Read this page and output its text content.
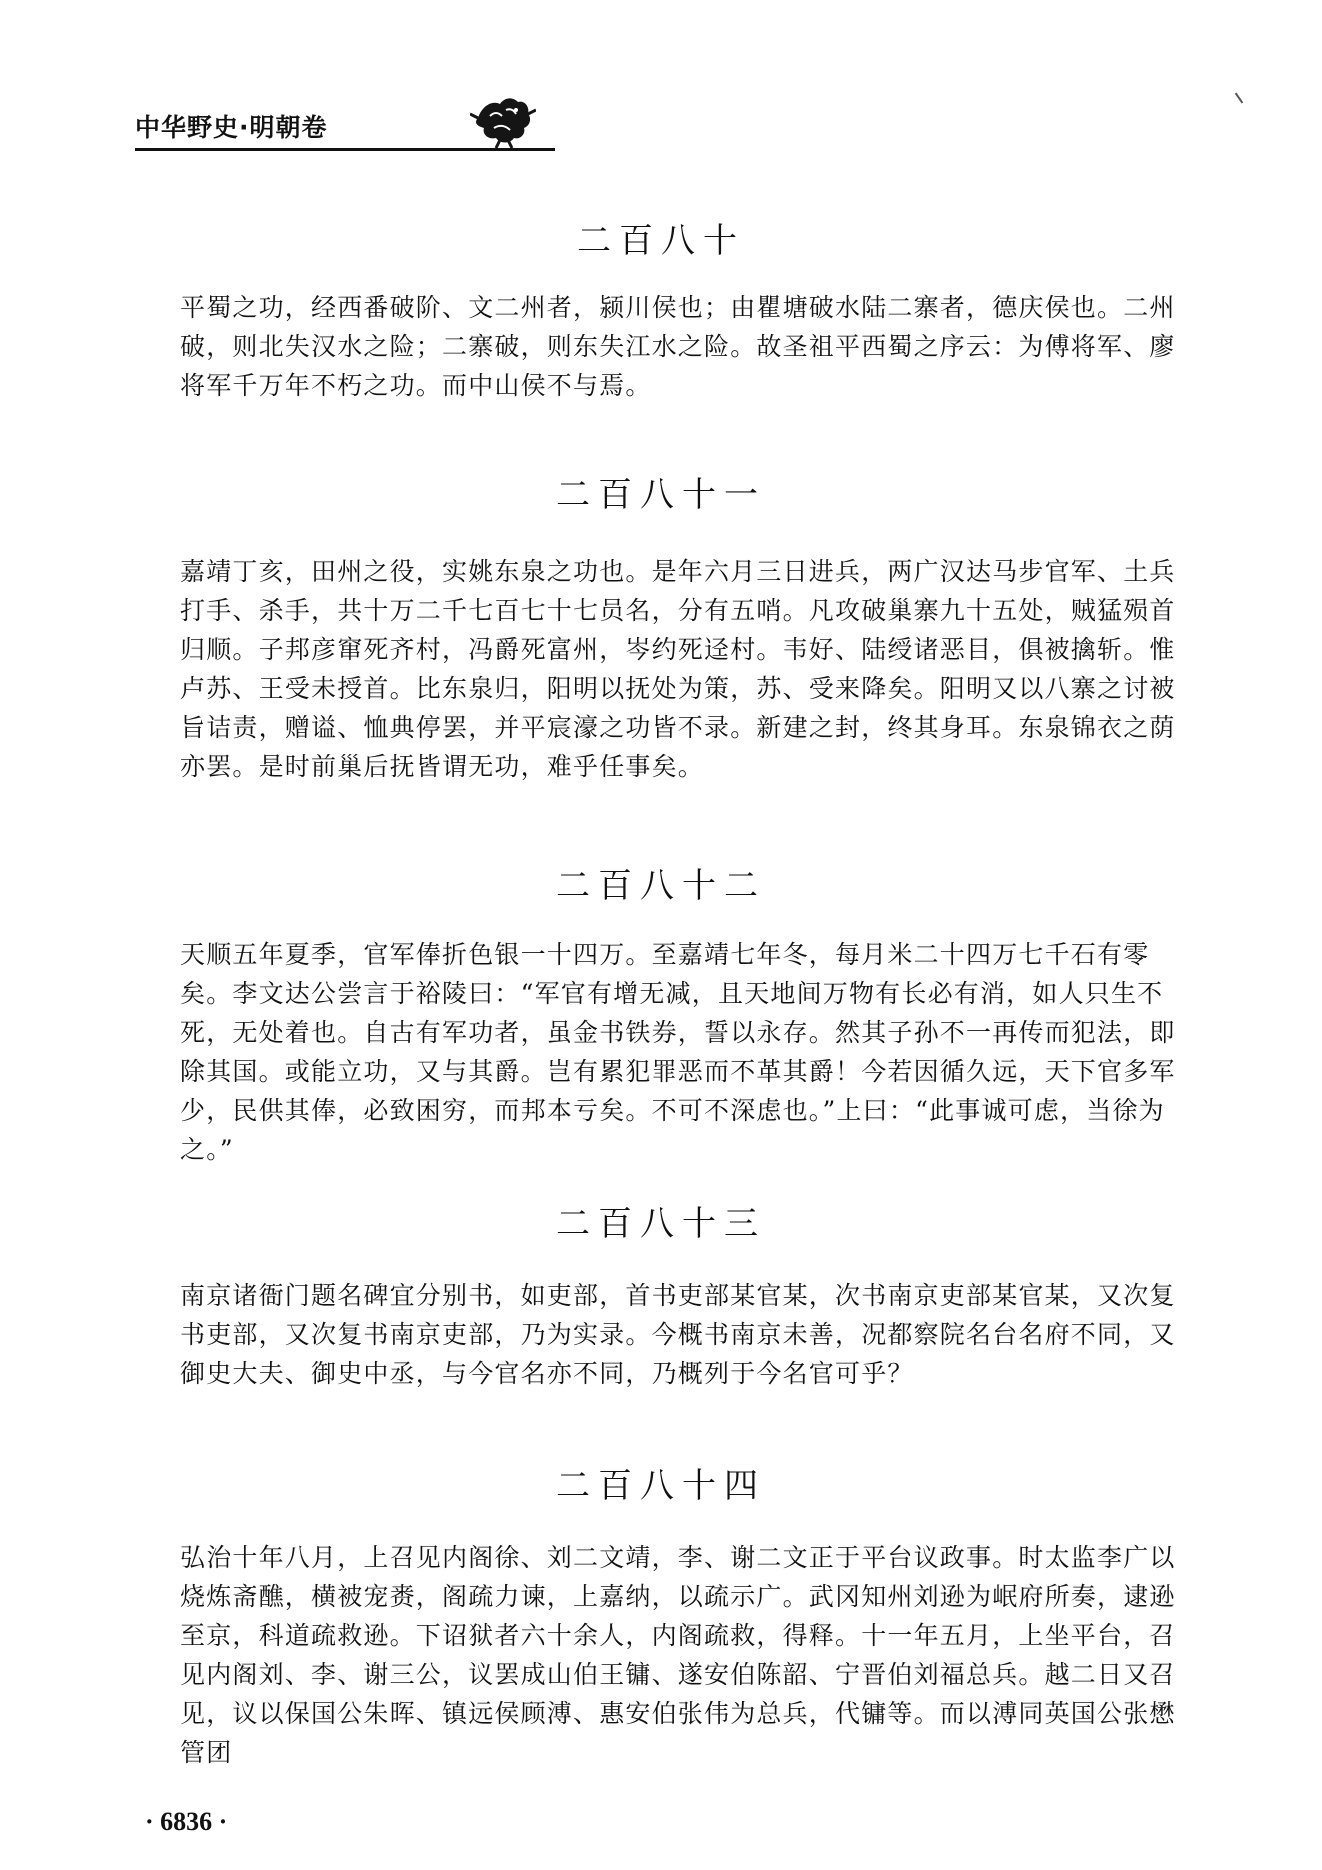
中华野史·明朝卷
二百八十

平蜀之功，经西番破阶、文二州者，颍川侯也；由瞿塘破水陆二寨者，德庆侯也。二州破，则北失汉水之险；二寨破，则东失江水之险。故圣祖平西蜀之序云：为傅将军、廖将军千万年不朽之功。而中山侯不与焉。

二百八十一

嘉靖丁亥，田州之役，实姚东泉之功也。是年六月三日进兵，两广汉达马步官军、土兵打手、杀手，共十万二千七百七十七员名，分有五哨。凡攻破巢寨九十五处，贼猛殒首归顺。子邦彦窜死齐村，冯爵死富州，岑约死迳村。韦好、陆绶诸恶目，俱被擒斩。惟卢苏、王受未授首。比东泉归，阳明以抚处为策，苏、受来降矣。阳明又以八寨之讨被旨诘责，赠谥、恤典停罢，并平宸濠之功皆不录。新建之封，终其身耳。东泉锦衣之荫亦罢。是时前巢后抚皆谓无功，难乎任事矣。

二百八十二

天顺五年夏季，官军俸折色银一十四万。至嘉靖七年冬，每月米二十四万七千石有零矣。李文达公尝言于裕陵曰：“军官有增无减，且天地间万物有长必有消，如人只生不死，无处着也。自古有军功者，虽金书铁券，誓以永存。然其子孙不一再传而犯法，即除其国。或能立功，又与其爵。岂有累犯罪恶而不革其爵！今若因循久远，天下官多军少，民供其俸，必致困穷，而邦本亏矣。不可不深虑也。”上曰：“此事诚可虑，当徐为之。”

二百八十三

南京诸衙门题名碑宜分别书，如吏部，首书吏部某官某，次书南京吏部某官某，又次复书吏部，又次复书南京吏部，乃为实录。今概书南京未善，况都察院名台名府不同，又御史大夫、御史中丞，与今官名亦不同，乃概列于今名官可乎？

二百八十四

弘治十年八月，上召见内阁徐、刘二文靖，李、谢二文正于平台议政事。时太监李广以烧炼斋醮，横被宠赉，阁疏力谏，上嘉纳，以疏示广。武冈知州刘逊为岷府所奏，逮逊至京，科道疏救逊。下诏狱者六十余人，内阁疏救，得释。十一年五月，上坐平台，召见内阁刘、李、谢三公，议罢成山伯王镛、遂安伯陈韶、宁晋伯刘福总兵。越二日又召见，议以保国公朱晖、镇远侯顾溥、惠安伯张伟为总兵，代镛等。而以溥同英国公张懋管团

· 6836 ·
